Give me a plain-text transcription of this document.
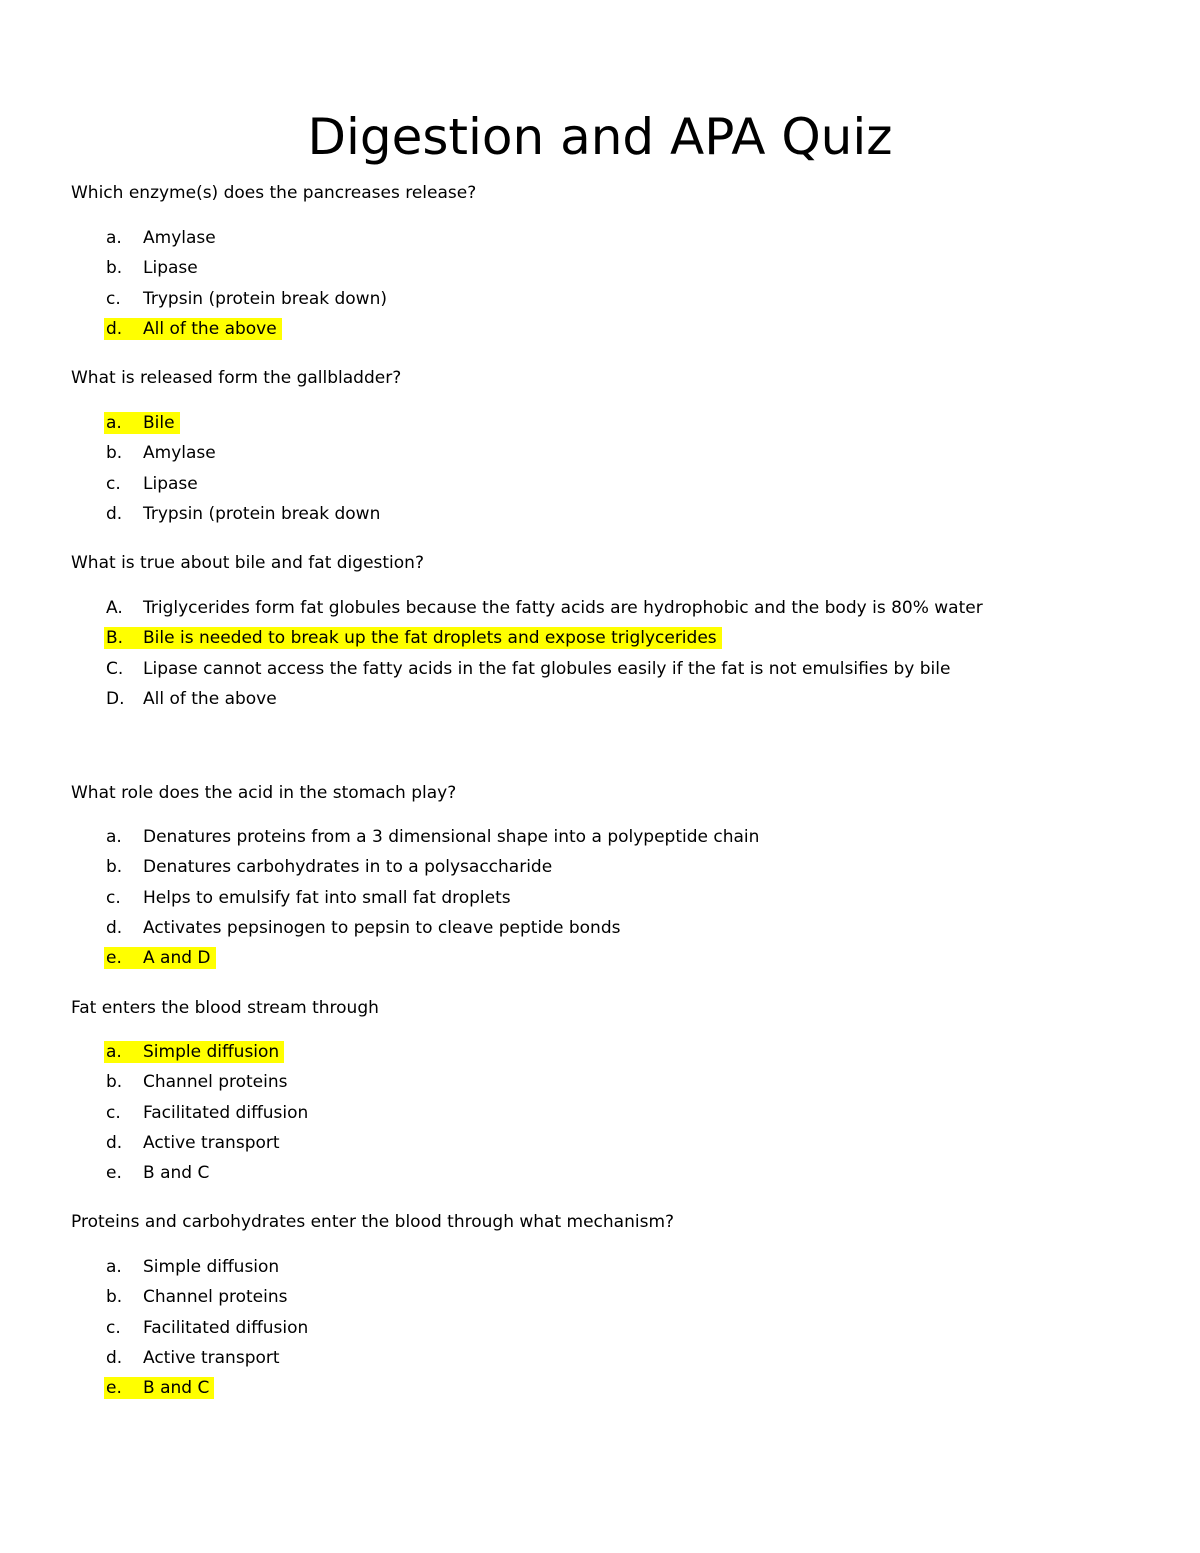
Digestion and APA Quiz
Which enzyme(s) does the pancreases release?
a. Amylase
b. Lipase
c. Trypsin (protein break down)
d. All of the above
What is released form the gallbladder?
a. Bile
b. Amylase
c. Lipase
d. Trypsin (protein break down
What is true about bile and fat digestion?
A. Triglycerides form fat globules because the fatty acids are hydrophobic and the body is 80% water
B. Bile is needed to break up the fat droplets and expose triglycerides
C. Lipase cannot access the fatty acids in the fat globules easily if the fat is not emulsifies by bile
D. All of the above
What role does the acid in the stomach play?
a. Denatures proteins from a 3 dimensional shape into a polypeptide chain
b. Denatures carbohydrates in to a polysaccharide
c. Helps to emulsify fat into small fat droplets
d. Activates pepsinogen to pepsin to cleave peptide bonds
e. A and D
Fat enters the blood stream through
a. Simple diffusion
b. Channel proteins
c. Facilitated diffusion
d. Active transport
e. B and C
Proteins and carbohydrates enter the blood through what mechanism?
a. Simple diffusion
b. Channel proteins
c. Facilitated diffusion
d. Active transport
e. B and C
